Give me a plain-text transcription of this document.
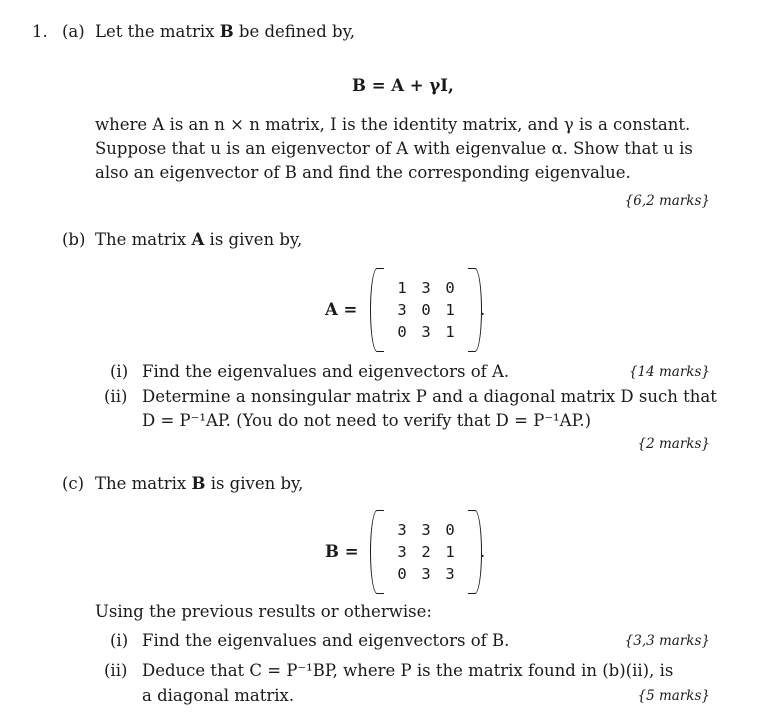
1. (a) Let the matrix B be defined by,
B = A + γI,
where A is an n × n matrix, I is the identity matrix, and γ is a constant.
Suppose that u is an eigenvector of A with eigenvalue α. Show that u is
also an eigenvector of B and find the corresponding eigenvalue.
{6,2 marks}
(b) The matrix A is given by,
A =
1 3 0
3 0 1
0 3 1
.
(i) Find the eigenvalues and eigenvectors of A.	{14 marks}
(ii) Determine a nonsingular matrix P and a diagonal matrix D such that
D = P⁻¹AP. (You do not need to verify that D = P⁻¹AP.)
{2 marks}
(c) The matrix B is given by,
B =
3 3 0
3 2 1
0 3 3
.
Using the previous results or otherwise:
(i) Find the eigenvalues and eigenvectors of B.	{3,3 marks}
(ii) Deduce that C = P⁻¹BP, where P is the matrix found in (b)(ii), is
a diagonal matrix.	{5 marks}
